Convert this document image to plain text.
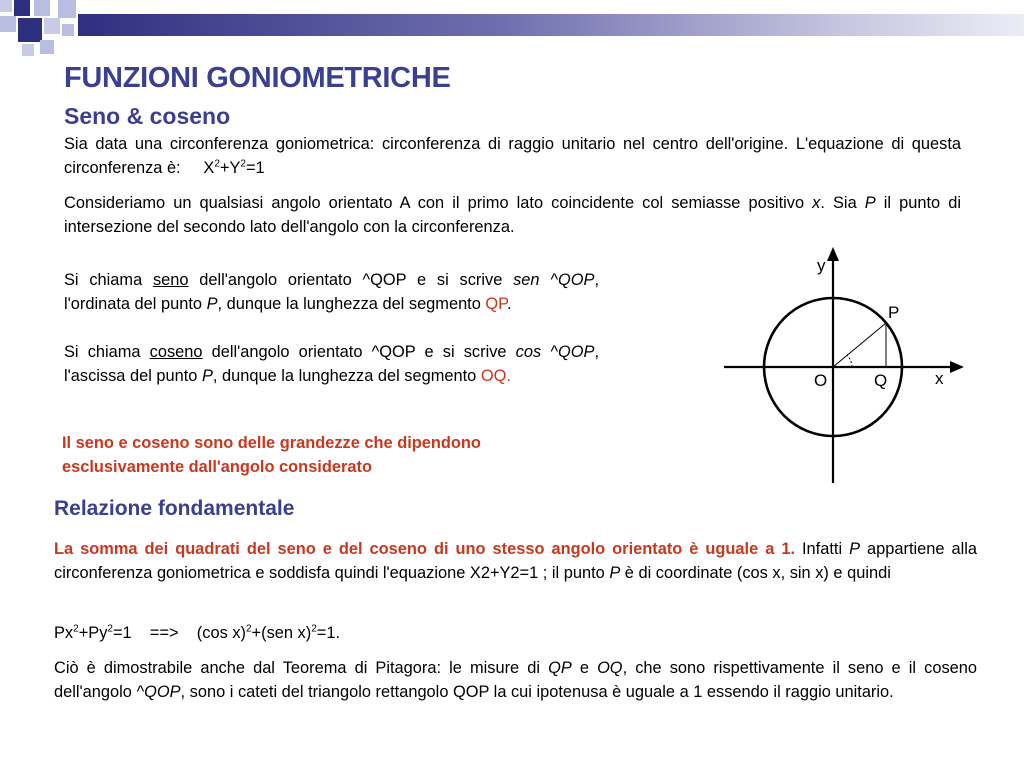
FUNZIONI GONIOMETRICHE
Seno & coseno
Sia data una circonferenza goniometrica: circonferenza di raggio unitario nel centro dell'origine. L'equazione di questa circonferenza è: $X^2+Y^2=1$
Consideriamo un qualsiasi angolo orientato A con il primo lato coincidente col semiasse positivo x. Sia P il punto di intersezione del secondo lato dell'angolo con la circonferenza.
Si chiama seno dell'angolo orientato ^QOP e si scrive sen ^QOP, l'ordinata del punto P, dunque la lunghezza del segmento QP.
Si chiama coseno dell'angolo orientato ^QOP e si scrive cos ^QOP, l'ascissa del punto P, dunque la lunghezza del segmento OQ.
Il seno e coseno sono delle grandezze che dipendono esclusivamente dall'angolo considerato
y
x
O	Q
P
Relazione fondamentale
La somma dei quadrati del seno e del coseno di uno stesso angolo orientato è uguale a 1. Infatti P appartiene alla circonferenza goniometrica e soddisfa quindi l'equazione X2+Y2=1 ; il punto P è di coordinate (cos x, sin x) e quindi
$Px^2+Py^2=1$    ==>    (cos x)$^2$+(sen x)$^2$=1.
Ciò è dimostrabile anche dal Teorema di Pitagora: le misure di QP e OQ, che sono rispettivamente il seno e il coseno dell'angolo ^QOP, sono i cateti del triangolo rettangolo QOP la cui ipotenusa è uguale a 1 essendo il raggio unitario.
